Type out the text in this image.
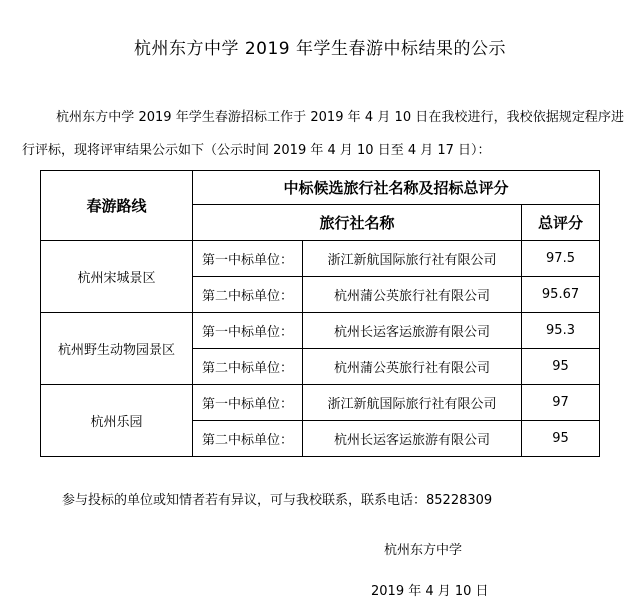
杭州东方中学 2019 年学生春游中标结果的公示
杭州东方中学 2019 年学生春游招标工作于 2019 年 4 月 10 日在我校进行，我校依据规定程序进行评标，现将评审结果公示如下（公示时间 2019 年 4 月 10 日至 4 月 17 日）：
春游路线	中标候选旅行社名称及招标总评分		
	旅行社名称		总评分
杭州宋城景区	第一中标单位：	浙江新航国际旅行社有限公司	97.5
	第二中标单位：	杭州蒲公英旅行社有限公司	95.67
杭州野生动物园景区	第一中标单位：	杭州长运客运旅游有限公司	95.3
	第二中标单位：	杭州蒲公英旅行社有限公司	95
杭州乐园	第一中标单位：	浙江新航国际旅行社有限公司	97
	第二中标单位：	杭州长运客运旅游有限公司	95
参与投标的单位或知情者若有异议，可与我校联系，联系电话：85228309
杭州东方中学
2019 年 4 月 10 日
